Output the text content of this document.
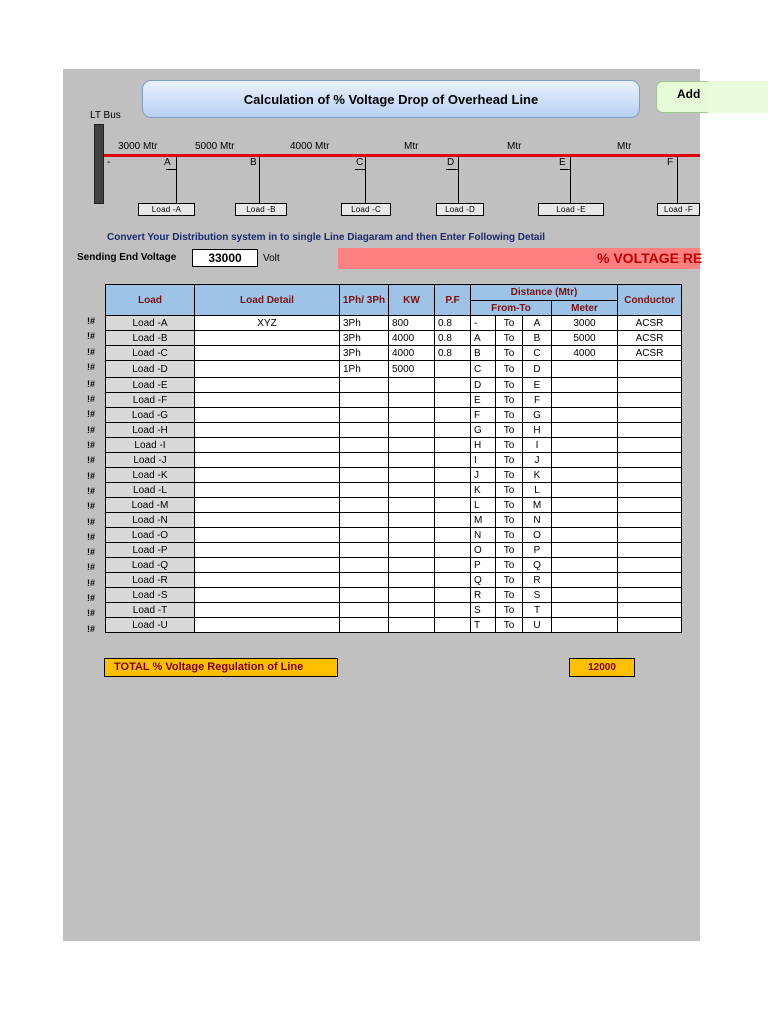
Calculation of % Voltage Drop of Overhead Line	Add
LT Bus
3000 Mtr	5000 Mtr	4000 Mtr	Mtr	Mtr	Mtr
-	A
Load -A
B
Load -B
C
Load -C
D
Load -D
E
Load -E
F
Load -F
Convert Your Distribution system in to single Line Diagaram and then Enter Following Detail
Sending End Voltage	33000	Volt	% VOLTAGE RE
!#
!#
!#
!#
!#
!#
!#
!#
!#
!#
!#
!#
!#
!#
!#
!#
!#
!#
!#
!#
!#
Load	Load Detail	1Ph/ 3Ph	KW	P.F	Distance (Mtr)				Conductor
					From-To			Meter	
Load -A	XYZ	3Ph	800	0.8	-	To	A	3000	ACSR
Load -B		3Ph	4000	0.8	A	To	B	5000	ACSR
Load -C		3Ph	4000	0.8	B	To	C	4000	ACSR
Load -D		1Ph	5000		C	To	D		
Load -E					D	To	E		
Load -F					E	To	F		
Load -G					F	To	G		
Load -H					G	To	H		
Load -I					H	To	I		
Load -J					I	To	J		
Load -K					J	To	K		
Load -L					K	To	L		
Load -M					L	To	M		
Load -N					M	To	N		
Load -O					N	To	O		
Load -P					O	To	P		
Load -Q					P	To	Q		
Load -R					Q	To	R		
Load -S					R	To	S		
Load -T					S	To	T		
Load -U					T	To	U		
TOTAL % Voltage Regulation of Line	12000
